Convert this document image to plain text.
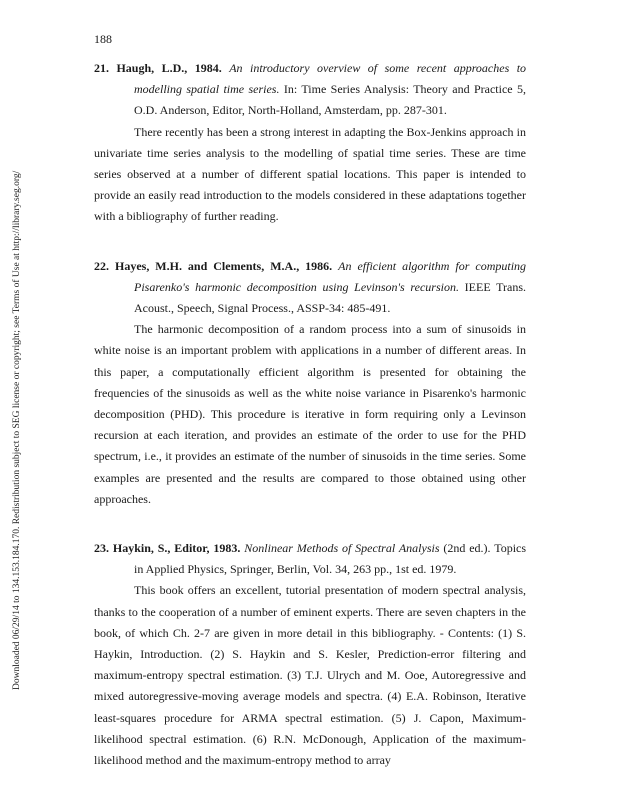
188
Downloaded 06/29/14 to 134.153.184.170. Redistribution subject to SEG license or copyright; see Terms of Use at http://library.seg.org/
21. Haugh, L.D., 1984. An introductory overview of some recent approaches to modelling spatial time series. In: Time Series Analysis: Theory and Practice 5, O.D. Anderson, Editor, North-Holland, Amsterdam, pp. 287-301.
There recently has been a strong interest in adapting the Box-Jenkins approach in univariate time series analysis to the modelling of spatial time series. These are time series observed at a number of different spatial locations. This paper is intended to provide an easily read introduction to the models considered in these adaptations together with a bibliography of further reading.
22. Hayes, M.H. and Clements, M.A., 1986. An efficient algorithm for computing Pisarenko's harmonic decomposition using Levinson's recursion. IEEE Trans. Acoust., Speech, Signal Process., ASSP-34: 485-491.
The harmonic decomposition of a random process into a sum of sinusoids in white noise is an important problem with applications in a number of different areas. In this paper, a computationally efficient algorithm is presented for obtaining the frequencies of the sinusoids as well as the white noise variance in Pisarenko's harmonic decomposition (PHD). This procedure is iterative in form requiring only a Levinson recursion at each iteration, and provides an estimate of the order to use for the PHD spectrum, i.e., it provides an estimate of the number of sinusoids in the time series. Some examples are presented and the results are compared to those obtained using other approaches.
23. Haykin, S., Editor, 1983. Nonlinear Methods of Spectral Analysis (2nd ed.). Topics in Applied Physics, Springer, Berlin, Vol. 34, 263 pp., 1st ed. 1979.
This book offers an excellent, tutorial presentation of modern spectral analysis, thanks to the cooperation of a number of eminent experts. There are seven chapters in the book, of which Ch. 2-7 are given in more detail in this bibliography. - Contents: (1) S. Haykin, Introduction. (2) S. Haykin and S. Kesler, Prediction-error filtering and maximum-entropy spectral estimation. (3) T.J. Ulrych and M. Ooe, Autoregressive and mixed autoregressive-moving average models and spectra. (4) E.A. Robinson, Iterative least-squares procedure for ARMA spectral estimation. (5) J. Capon, Maximum-likelihood spectral estimation. (6) R.N. McDonough, Application of the maximum-likelihood method and the maximum-entropy method to array
